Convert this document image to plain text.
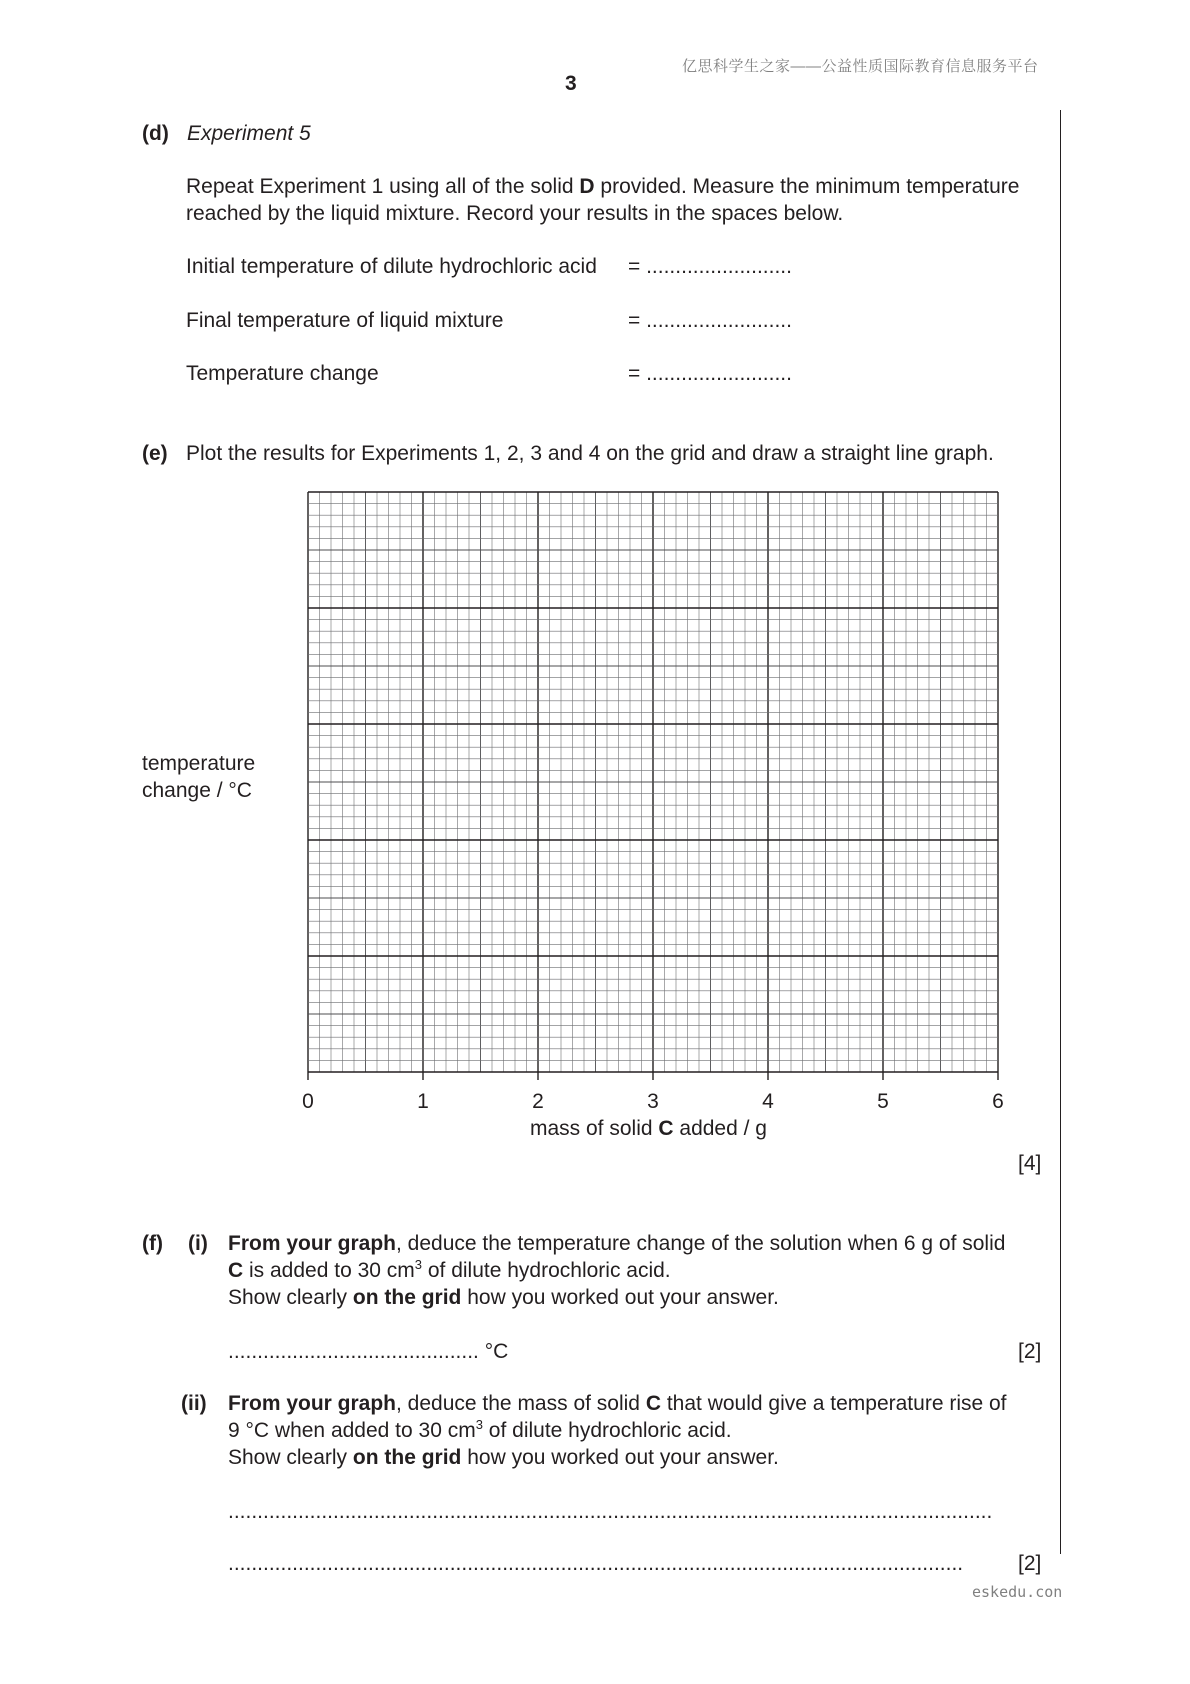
亿思科学生之家——公益性质国际教育信息服务平台
3
(d) Experiment 5
Repeat Experiment 1 using all of the solid D provided. Measure the minimum temperature
reached by the liquid mixture. Record your results in the spaces below.
Initial temperature of dilute hydrochloric acid = .........................
Final temperature of liquid mixture	= .........................
Temperature change	= .........................
(e) Plot the results for Experiments 1, 2, 3 and 4 on the grid and draw a straight line graph.
temperature
change / °C
0	1	2	3	4	5	6
mass of solid C added / g
[4]
(f) (i) From your graph, deduce the temperature change of the solution when 6 g of solid
C is added to 30 $cm^3$ of dilute hydrochloric acid.
Show clearly on the grid how you worked out your answer.
........................................... °C	[2]
(ii) From your graph, deduce the mass of solid C that would give a temperature rise of
9 °C when added to 30 $cm^3$ of dilute hydrochloric acid.
Show clearly on the grid how you worked out your answer.
...................................................................................................................................
..............................................................................................................................	[2]
eskedu.con
